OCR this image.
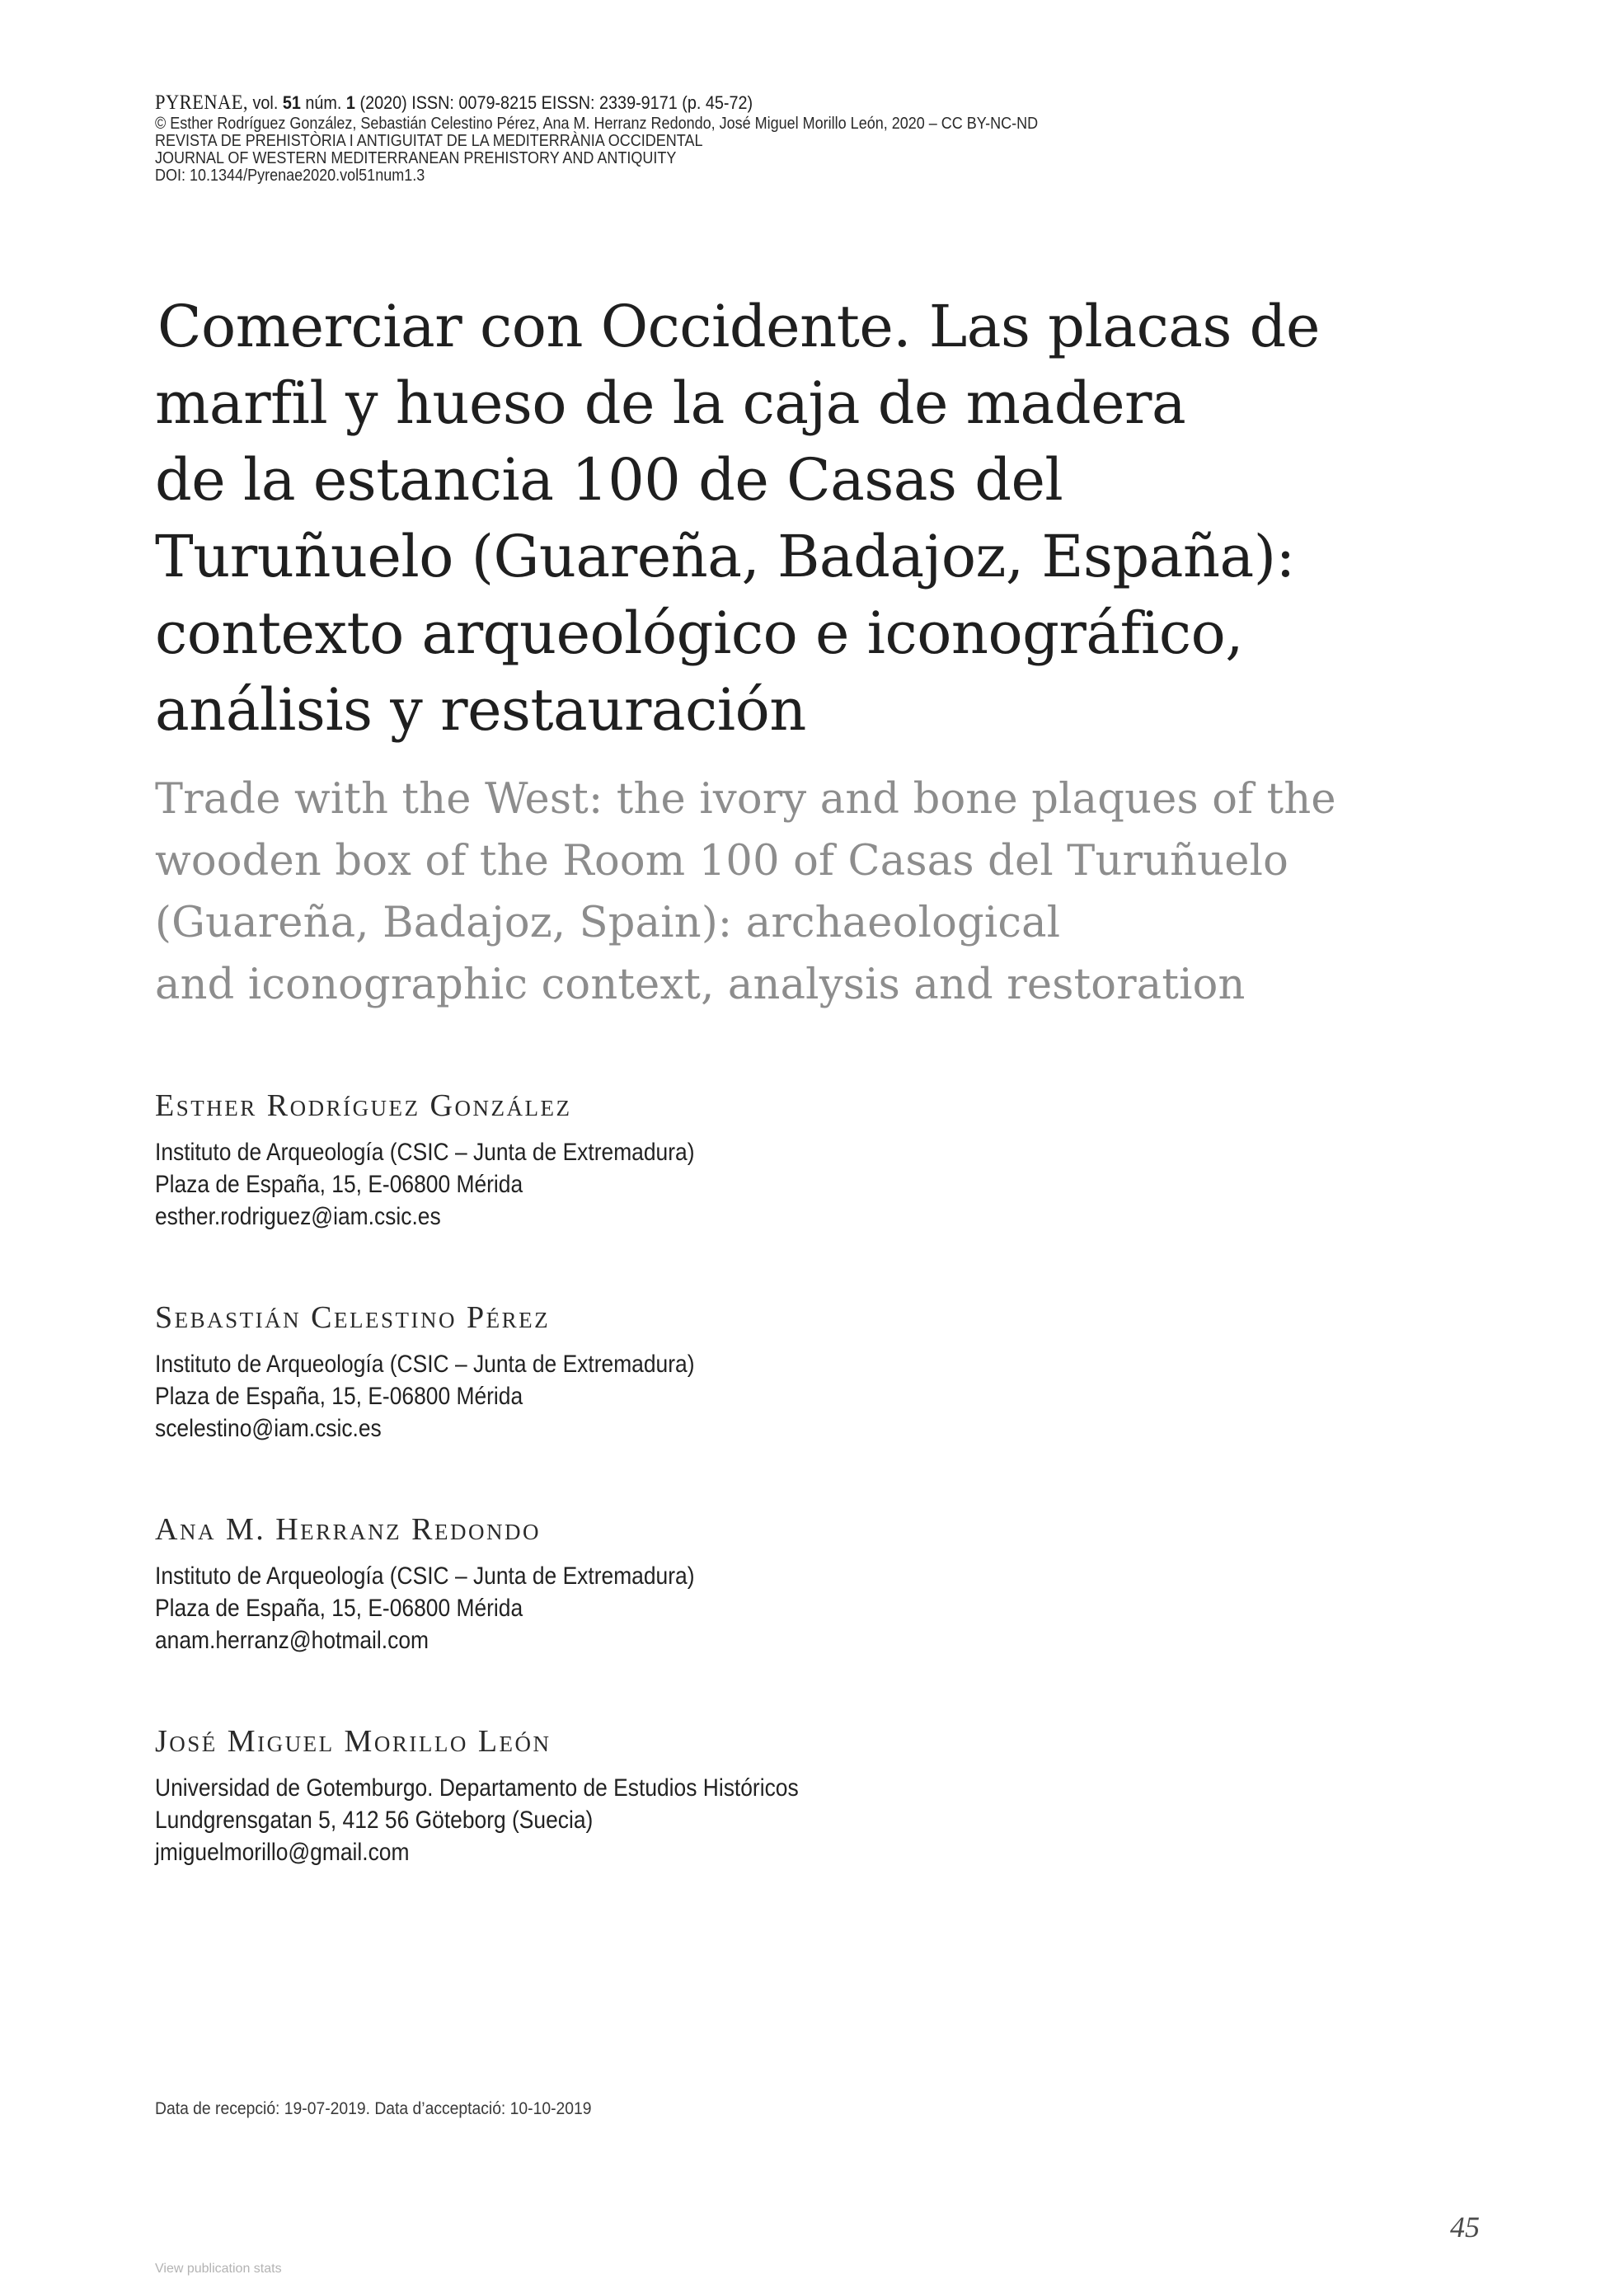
PYRENAE, vol. 51 núm. 1 (2020) ISSN: 0079-8215 EISSN: 2339-9171 (p. 45-72)
© Esther Rodríguez González, Sebastián Celestino Pérez, Ana M. Herranz Redondo, José Miguel Morillo León, 2020 – CC BY-NC-ND
REVISTA DE PREHISTÒRIA I ANTIGUITAT DE LA MEDITERRÀNIA OCCIDENTAL
JOURNAL OF WESTERN MEDITERRANEAN PREHISTORY AND ANTIQUITY
DOI: 10.1344/Pyrenae2020.vol51num1.3
Comerciar con Occidente. Las placas de
marfil y hueso de la caja de madera
de la estancia 100 de Casas del
Turuñuelo (Guareña, Badajoz, España):
contexto arqueológico e iconográfico,
análisis y restauración
Trade with the West: the ivory and bone plaques of the
wooden box of the Room 100 of Casas del Turuñuelo
(Guareña, Badajoz, Spain): archaeological
and iconographic context, analysis and restoration
Esther Rodríguez González
Instituto de Arqueología (CSIC – Junta de Extremadura)
Plaza de España, 15, E-06800 Mérida
esther.rodriguez@iam.csic.es
Sebastián Celestino Pérez
Instituto de Arqueología (CSIC – Junta de Extremadura)
Plaza de España, 15, E-06800 Mérida
scelestino@iam.csic.es
Ana M. Herranz Redondo
Instituto de Arqueología (CSIC – Junta de Extremadura)
Plaza de España, 15, E-06800 Mérida
anam.herranz@hotmail.com
José Miguel Morillo León
Universidad de Gotemburgo. Departamento de Estudios Históricos
Lundgrensgatan 5, 412 56 Göteborg (Suecia)
jmiguelmorillo@gmail.com
Data de recepció: 19-07-2019. Data d’acceptació: 10-10-2019
45
View publication stats
